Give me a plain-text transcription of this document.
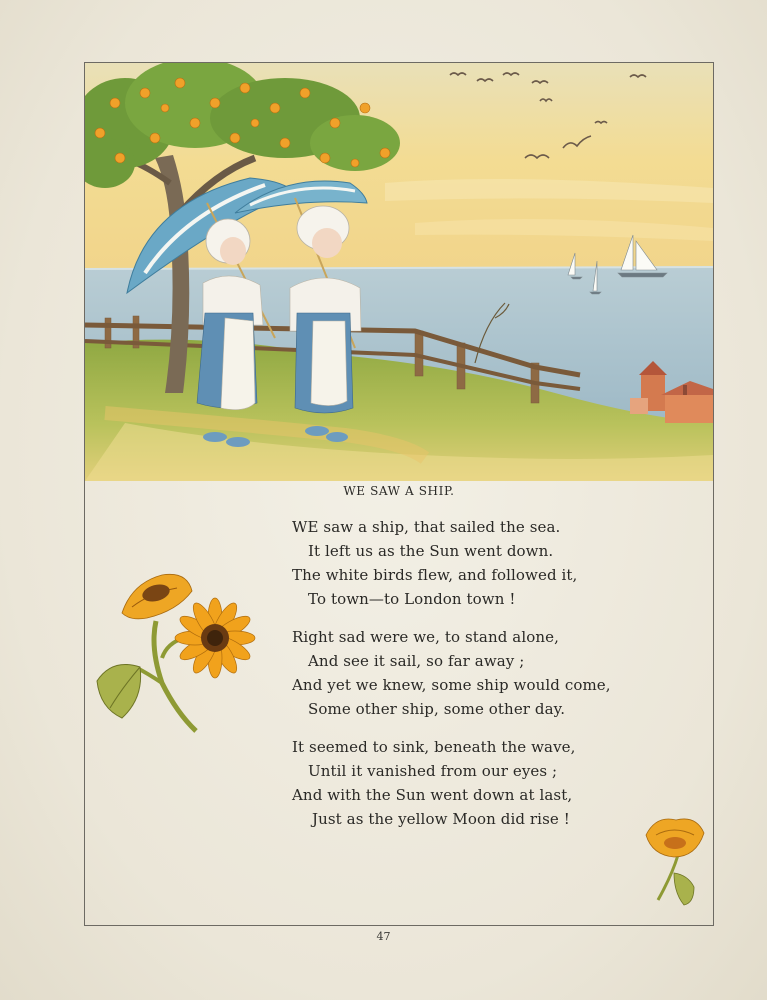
WE SAW A SHIP.
WE saw a ship, that sailed the sea.
It left us as the Sun went down.
The white birds flew, and followed it,
To town—to London town !
Right sad were we, to stand alone,
And see it sail, so far away ;
And yet we knew, some ship would come,
Some other ship, some other day.
It seemed to sink, beneath the wave,
Until it vanished from our eyes ;
And with the Sun went down at last,
Just as the yellow Moon did rise !
47
